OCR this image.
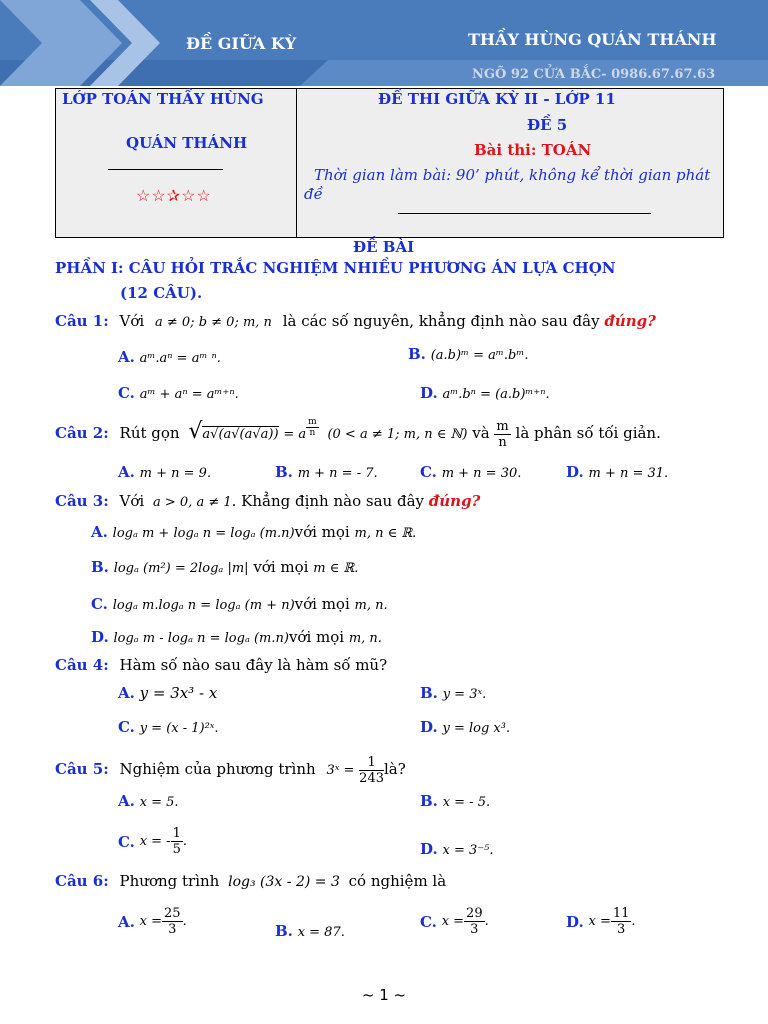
ĐỀ GIỮA KỲ	THẦY HÙNG QUÁN THÁNH
NGÕ 92 CỬA BẮC- 0986.67.67.63
LỚP TOÁN THẦY HÙNG
QUÁN THÁNH
☆☆✰☆☆
ĐỀ THI GIỮA KỲ II - LỚP 11
ĐỀ 5
Bài thi: TOÁN
Thời gian làm bài: 90’ phút, không kể thời gian phát đề
ĐỀ BÀI
PHẦN I: CÂU HỎI TRẮC NGHIỆM NHIỀU PHƯƠNG ÁN LỰA CHỌN
(12 CÂU).
Câu 1: Với a ≠ 0; b ≠ 0; m, n là các số nguyên, khẳng định nào sau đây đúng?
A. aᵐ.aⁿ = aᵐ ⁿ.	B. (a.b)ᵐ = aᵐ.bᵐ.
C. aᵐ + aⁿ = aᵐ⁺ⁿ.	D. aᵐ.bⁿ = (a.b)ᵐ⁺ⁿ.
Câu 2: Rút gọn √a√(a√(a√a)) = a $\frac{m}{n} (0 < a \ne 1$; m, n ∈ ℕ) và $\frac{m}{n}$ là phân số tối giản.
A. m + n = 9.	B. m + n = - 7.	C. m + n = 30.	D. m + n = 31.
Câu 3: Với a > 0, a ≠ 1. Khẳng định nào sau đây đúng?
A. logₐ m + logₐ n = logₐ (m.n)với mọi m, n ∈ ℝ.
B. logₐ (m²) = 2logₐ |m| với mọi m ∈ ℝ.
C. logₐ m.logₐ n = logₐ (m + n)với mọi m, n.
D. logₐ m - logₐ n = logₐ (m.n)với mọi m, n.
Câu 4: Hàm số nào sau đây là hàm số mũ?
A. y = 3x³ - x	B. y = 3ˣ.
C. y = (x - 1)²ˣ.	D. y = log x³.
Câu 5: Nghiệm của phương trình 3ˣ = $\frac{1}{243}$ là?
A. x = 5.	B. x = - 5.
C. x = - $\frac{1}{5}$ .	D. x = 3⁻⁵.
Câu 6: Phương trình log₃ (3x - 2) = 3 có nghiệm là
A. $x = \frac{25}{3}$ .
B. x = 87.
C. $x = \frac{29}{3}$ .	D. $x = \frac{11}{3}$ .
~ 1 ~
